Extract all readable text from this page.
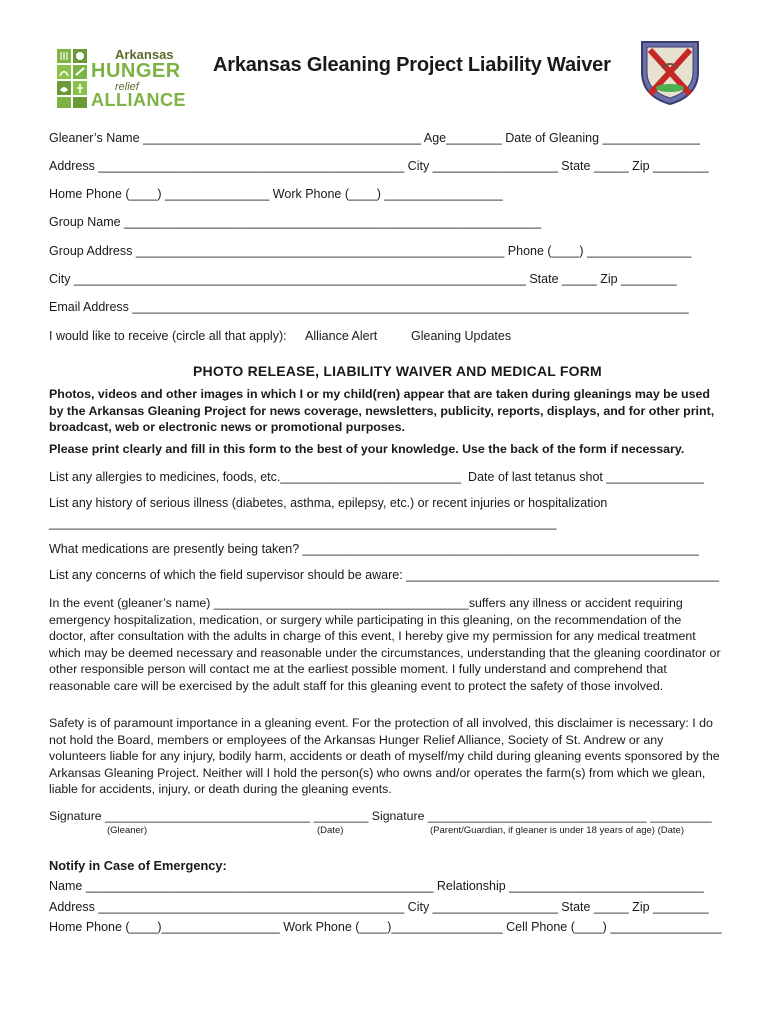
Arkansas
HUNGER
relief
ALLIANCE
Arkansas Gleaning Project Liability Waiver
Gleaner’s Name ________________________________________ Age________ Date of Gleaning ______________
Address ____________________________________________ City __________________ State _____ Zip ________
Home Phone (____) _______________ Work Phone (____) _________________
Group Name ____________________________________________________________
Group Address _____________________________________________________ Phone (____) _______________
City _________________________________________________________________ State _____ Zip ________
Email Address ________________________________________________________________________________
I would like to receive (circle all that apply): Alliance Alert	Gleaning Updates
PHOTO RELEASE, LIABILITY WAIVER AND MEDICAL FORM
Photos, videos and other images in which I or my child(ren) appear that are taken during gleanings may be used by the Arkansas Gleaning Project for news coverage, newsletters, publicity, reports, displays, and for other print, broadcast, web or electronic news or promotional purposes.
Please print clearly and fill in this form to the best of your knowledge. Use the back of the form if necessary.
List any allergies to medicines, foods, etc.__________________________  Date of last tetanus shot ______________
List any history of serious illness (diabetes, asthma, epilepsy, etc.) or recent injuries or hospitalization
_________________________________________________________________________
What medications are presently being taken? _________________________________________________________
List any concerns of which the field supervisor should be aware: _____________________________________________
In the event (gleaner’s name) _____________________________________suffers any illness or accident requiring emergency hospitalization, medication, or surgery while participating in this gleaning, on the recommendation of the doctor, after consultation with the adults in charge of this event, I hereby give my permission for any medical treatment which may be deemed necessary and reasonable under the circumstances, understanding that the gleaning coordinator or other responsible person will contact me at the earliest possible moment. I fully understand and comprehend that reasonable care will be exercised by the adult staff for this gleaning event to protect the safety of those involved.
Safety is of paramount importance in a gleaning event. For the protection of all involved, this disclaimer is necessary: I do not hold the Board, members or employees of the Arkansas Hunger Relief Alliance, Society of St. Andrew or any volunteers liable for any injury, bodily harm, accidents or death of myself/my child during gleaning events sponsored by the Arkansas Gleaning Project. Neither will I hold the person(s) who owns and/or operates the farm(s) from which we glean, liable for accidents, injury, or death during the gleaning events.
Signature ______________________________ ________ Signature ________________________________ _________
(Gleaner)	(Date)	(Parent/Guardian, if gleaner is under 18 years of age) (Date)
Notify in Case of Emergency:
Name __________________________________________________ Relationship ____________________________
Address ____________________________________________ City __________________ State _____ Zip ________
Home Phone (____)_________________ Work Phone (____)________________ Cell Phone (____) ________________
